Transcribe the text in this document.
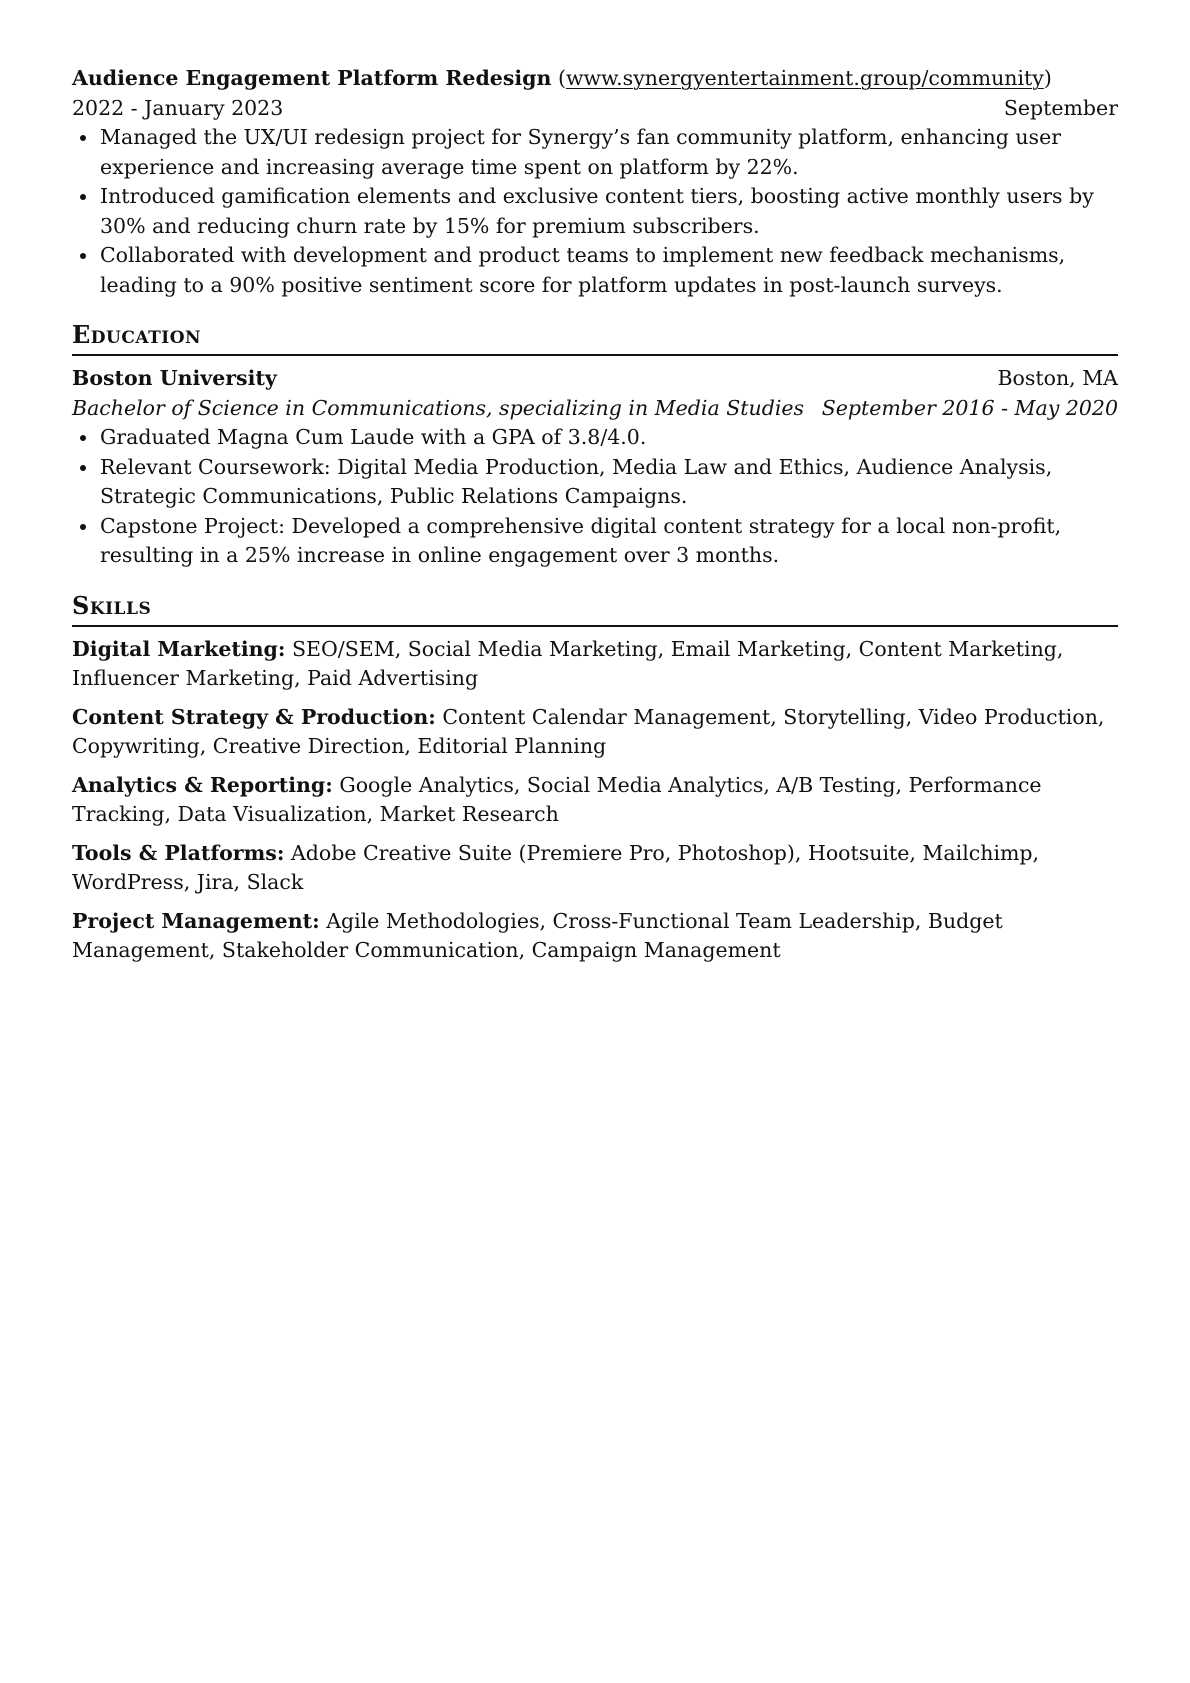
Audience Engagement Platform Redesign (www.synergyentertainment.group/community)
September
2022 - January 2023

Managed the UX/UI redesign project for Synergy’s fan community platform, enhancing user experience and increasing average time spent on platform by 22%.
Introduced gamification elements and exclusive content tiers, boosting active monthly users by 30% and reducing churn rate by 15% for premium subscribers.
Collaborated with development and product teams to implement new feedback mechanisms, leading to a 90% positive sentiment score for platform updates in post-launch surveys.
Education
Boston University	Boston, MA
Bachelor of Science in Communications, specializing in Media Studies September 2016 - May 2020
Graduated Magna Cum Laude with a GPA of 3.8/4.0.
Relevant Coursework: Digital Media Production, Media Law and Ethics, Audience Analysis, Strategic Communications, Public Relations Campaigns.
Capstone Project: Developed a comprehensive digital content strategy for a local non-profit, resulting in a 25% increase in online engagement over 3 months.
Skills

Digital Marketing: SEO/SEM, Social Media Marketing, Email Marketing, Content Marketing, Influencer Marketing, Paid Advertising

Content Strategy & Production: Content Calendar Management, Storytelling, Video Production, Copywriting, Creative Direction, Editorial Planning

Analytics & Reporting: Google Analytics, Social Media Analytics, A/B Testing, Performance Tracking, Data Visualization, Market Research

Tools & Platforms: Adobe Creative Suite (Premiere Pro, Photoshop), Hootsuite, Mailchimp, WordPress, Jira, Slack

Project Management: Agile Methodologies, Cross-Functional Team Leadership, Budget Management, Stakeholder Communication, Campaign Management
